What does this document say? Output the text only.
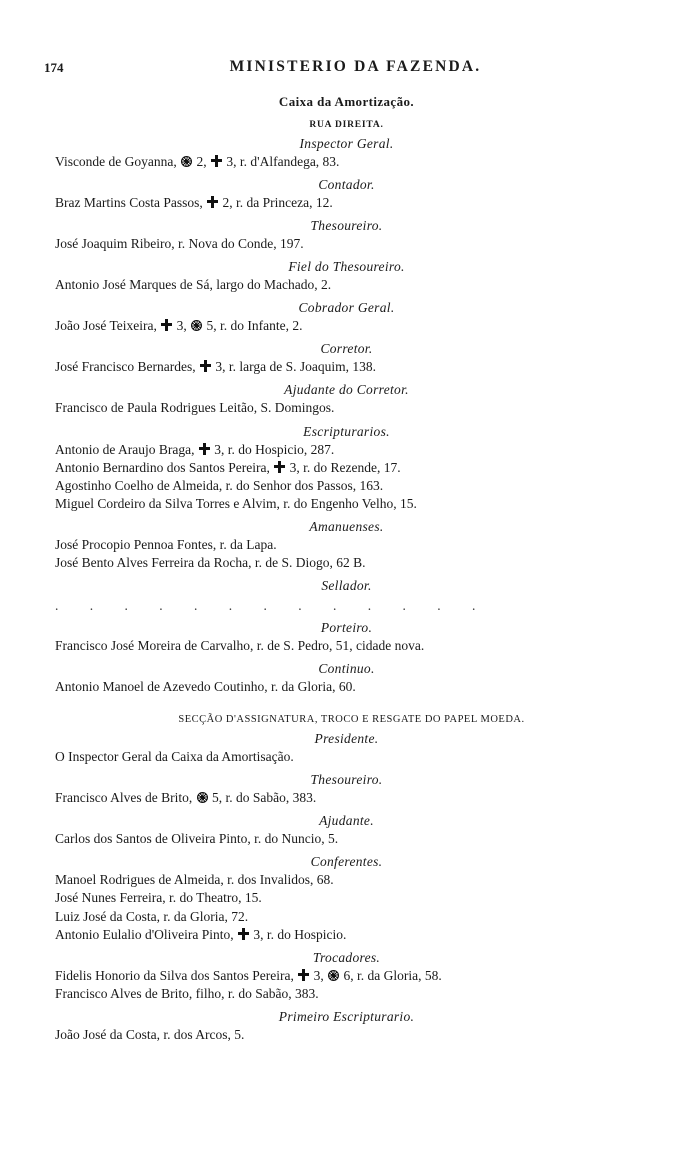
174	MINISTERIO DA FAZENDA.
Caixa da Amortização.
RUA DIREITA.
Inspector Geral.
Visconde de Goyanna,  2,  3, r. d'Alfandega, 83.
Contador.
Braz Martins Costa Passos,  2, r. da Princeza, 12.
Thesoureiro.
José Joaquim Ribeiro, r. Nova do Conde, 197.
Fiel do Thesoureiro.
Antonio José Marques de Sá, largo do Machado, 2.
Cobrador Geral.
João José Teixeira,  3,  5, r. do Infante, 2.
Corretor.
José Francisco Bernardes,  3, r. larga de S. Joaquim, 138.
Ajudante do Corretor.
Francisco de Paula Rodrigues Leitão, S. Domingos.
Escripturarios.
Antonio de Araujo Braga,  3, r. do Hospicio, 287.
Antonio Bernardino dos Santos Pereira,  3, r. do Rezende, 17.
Agostinho Coelho de Almeida, r. do Senhor dos Passos, 163.
Miguel Cordeiro da Silva Torres e Alvim, r. do Engenho Velho, 15.
Amanuenses.
José Procopio Pennoa Fontes, r. da Lapa.
José Bento Alves Ferreira da Rocha, r. de S. Diogo, 62 B.
Sellador.
. . . . . . . . . . . . .
Porteiro.
Francisco José Moreira de Carvalho, r. de S. Pedro, 51, cidade nova.
Continuo.
Antonio Manoel de Azevedo Coutinho, r. da Gloria, 60.
SECÇÃO D'ASSIGNATURA, TROCO E RESGATE DO PAPEL MOEDA.
Presidente.
O Inspector Geral da Caixa da Amortisação.
Thesoureiro.
Francisco Alves de Brito,  5, r. do Sabão, 383.
Ajudante.
Carlos dos Santos de Oliveira Pinto, r. do Nuncio, 5.
Conferentes.
Manoel Rodrigues de Almeida, r. dos Invalidos, 68.
José Nunes Ferreira, r. do Theatro, 15.
Luiz José da Costa, r. da Gloria, 72.
Antonio Eulalio d'Oliveira Pinto,  3, r. do Hospicio.
Trocadores.
Fidelis Honorio da Silva dos Santos Pereira,  3,  6, r. da Gloria, 58.
Francisco Alves de Brito, filho, r. do Sabão, 383.
Primeiro Escripturario.
João José da Costa, r. dos Arcos, 5.
